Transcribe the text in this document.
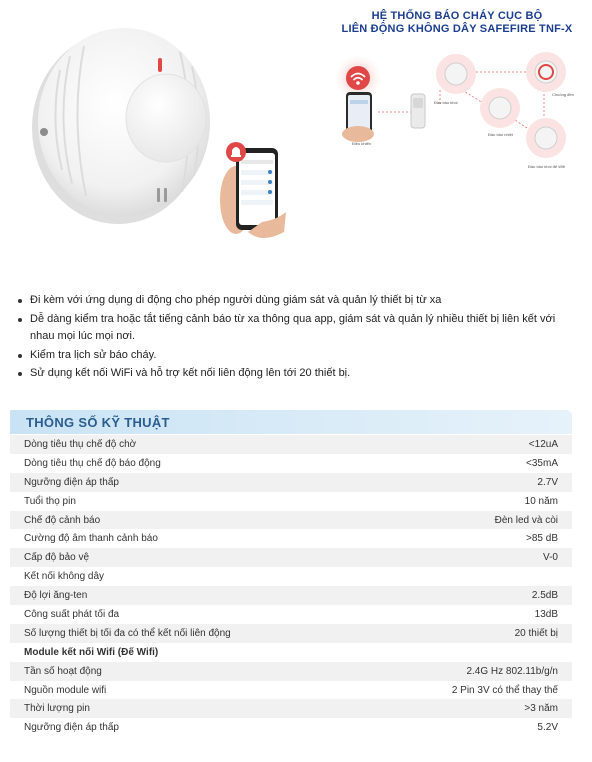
Điều khiển
Đầu báo khói
Đầu báo nhiệt
Chuông đèn
Đầu báo khói đế Wifi
HỆ THỐNG BÁO CHÁY CỤC BỘ
LIÊN ĐỘNG KHÔNG DÂY SAFEFIRE TNF-X
Đi kèm với ứng dụng di động cho phép người dùng giám sát và quản lý thiết bị từ xa
Dễ dàng kiểm tra hoặc tắt tiếng cảnh báo từ xa thông qua app, giám sát và quản lý nhiều thiết bị liên kết với nhau mọi lúc mọi nơi.
Kiểm tra lịch sử báo cháy.
Sử dụng kết nối WiFi và hỗ trợ kết nối liên động lên tới 20 thiết bị.
THÔNG SỐ KỸ THUẬT
Dòng tiêu thụ chế độ chờ	<12uA
Dòng tiêu thụ chế độ báo động	<35mA
Ngưỡng điện áp thấp	2.7V
Tuổi thọ pin	10 năm
Chế độ cảnh báo	Đèn led và còi
Cường độ âm thanh cảnh báo	>85 dB
Cấp độ bảo vệ	V-0
Kết nối không dây	
Độ lợi ăng-ten	2.5dB
Công suất phát tối đa	13dB
Số lượng thiết bị tối đa có thể kết nối liên động	20 thiết bị
Module kết nối Wifi (Đế Wifi)	
Tần số hoạt động	2.4G Hz 802.11b/g/n
Nguồn module wifi	2 Pin 3V có thể thay thế
Thời lượng pin	>3 năm
Ngưỡng điện áp thấp	5.2V
